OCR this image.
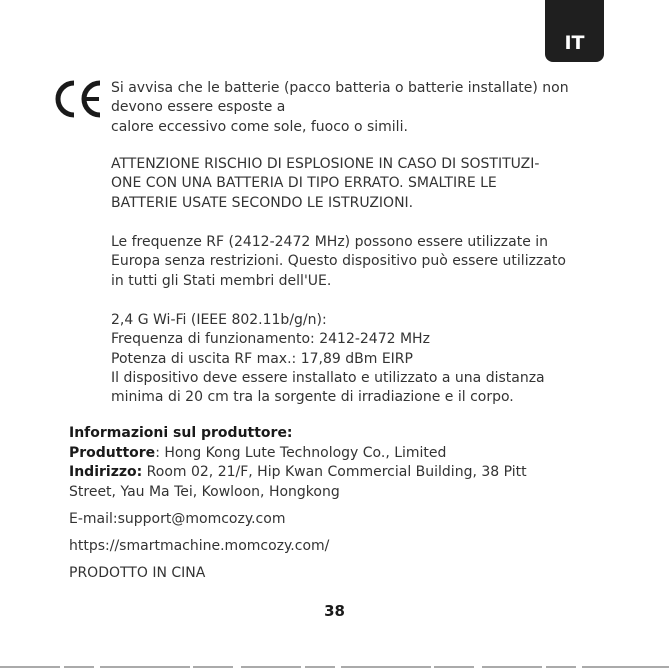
IT
Si avvisa che le batterie (pacco batteria o batterie installate) non
devono essere esposte a
calore eccessivo come sole, fuoco o simili.
ATTENZIONE RISCHIO DI ESPLOSIONE IN CASO DI SOSTITUZI-
ONE CON UNA BATTERIA DI TIPO ERRATO. SMALTIRE LE
BATTERIE USATE SECONDO LE ISTRUZIONI.
Le frequenze RF (2412-2472 MHz) possono essere utilizzate in
Europa senza restrizioni. Questo dispositivo può essere utilizzato
in tutti gli Stati membri dell'UE.
2,4 G Wi-Fi (IEEE 802.11b/g/n):
Frequenza di funzionamento: 2412-2472 MHz
Potenza di uscita RF max.: 17,89 dBm EIRP
Il dispositivo deve essere installato e utilizzato a una distanza
minima di 20 cm tra la sorgente di irradiazione e il corpo.
Informazioni sul produttore:
Produttore: Hong Kong Lute Technology Co., Limited
Indirizzo: Room 02, 21/F, Hip Kwan Commercial Building, 38 Pitt
Street, Yau Ma Tei, Kowloon, Hongkong
E-mail:support@momcozy.com
https://smartmachine.momcozy.com/
PRODOTTO IN CINA
38
